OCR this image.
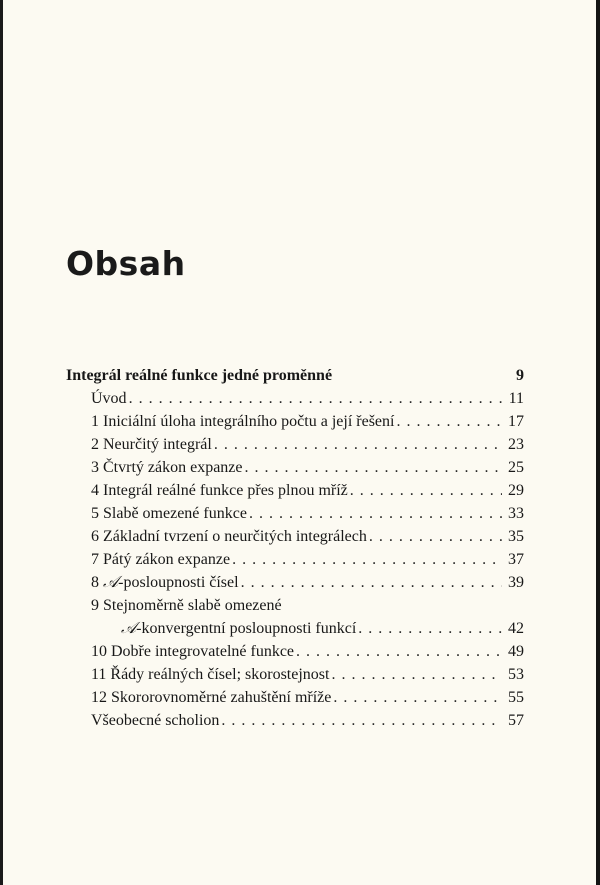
Obsah
Integrál reálné funkce jedné proměnné	9
Úvod . . .	11
1 Iniciální úloha integrálního počtu a její řešení . . .	17
2 Neurčitý integrál . . .	23
3 Čtvrtý zákon expanze . . .	25
4 Integrál reálné funkce přes plnou mříž . . .	29
5 Slabě omezené funkce . . .	33
6 Základní tvrzení o neurčitých integrálech . . .	35
7 Pátý zákon expanze . . .	37
8 𝒜-posloupnosti čísel . . .	39
9 Stejnoměrně slabě omezené
𝒜-konvergentní posloupnosti funkcí . . .	42
10 Dobře integrovatelné funkce . . .	49
11 Řády reálných čísel; skorostejnost . . .	53
12 Skororovnoměrné zahuštění mříže . . .	55
Všeobecné scholion . . .	57
